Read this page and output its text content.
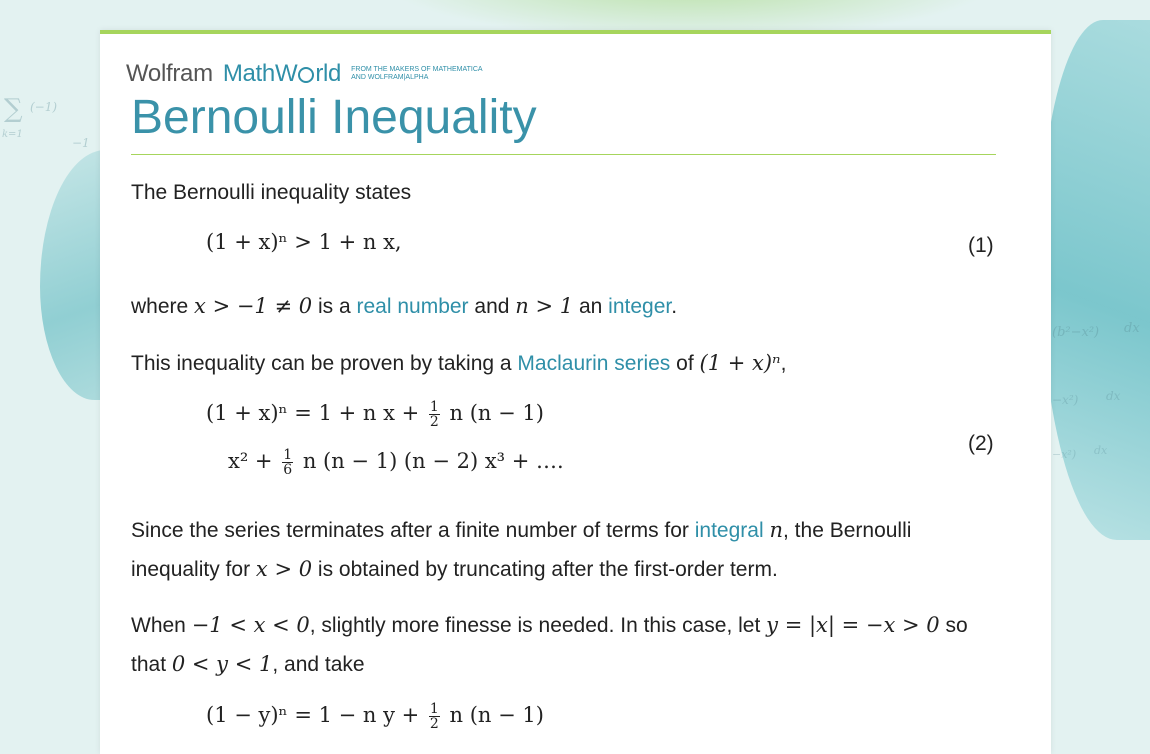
∑ (−1)
k=1
−1
(b²−x²) dx
−x²) dx
−x²) dx
Wolfram MathW rld FROM THE MAKERS OF MATHEMATICA
AND WOLFRAM|ALPHA
Bernoulli Inequality
The Bernoulli inequality states
(1 + x)ⁿ > 1 + n x,	(1)
where x > −1 ≠ 0 is a real number and n > 1 an integer.
This inequality can be proven by taking a Maclaurin series of (1 + x)ⁿ,
(1 + x)ⁿ = 1 + n $x + \frac{1}{2}$ n (n − 1)
$x^2 + \frac{1}{6}$ n (n − 1) (n − 2) x³ + ….
(2)
Since the series terminates after a finite number of terms for integral n, the Bernoulli inequality for x > 0 is obtained by truncating after the first-order term.
When −1 < x < 0, slightly more finesse is needed. In this case, let y = |x| = −x > 0 so that 0 < y < 1, and take
(1 − y)ⁿ = 1 − n $y + \frac{1}{2}$ n (n − 1)
